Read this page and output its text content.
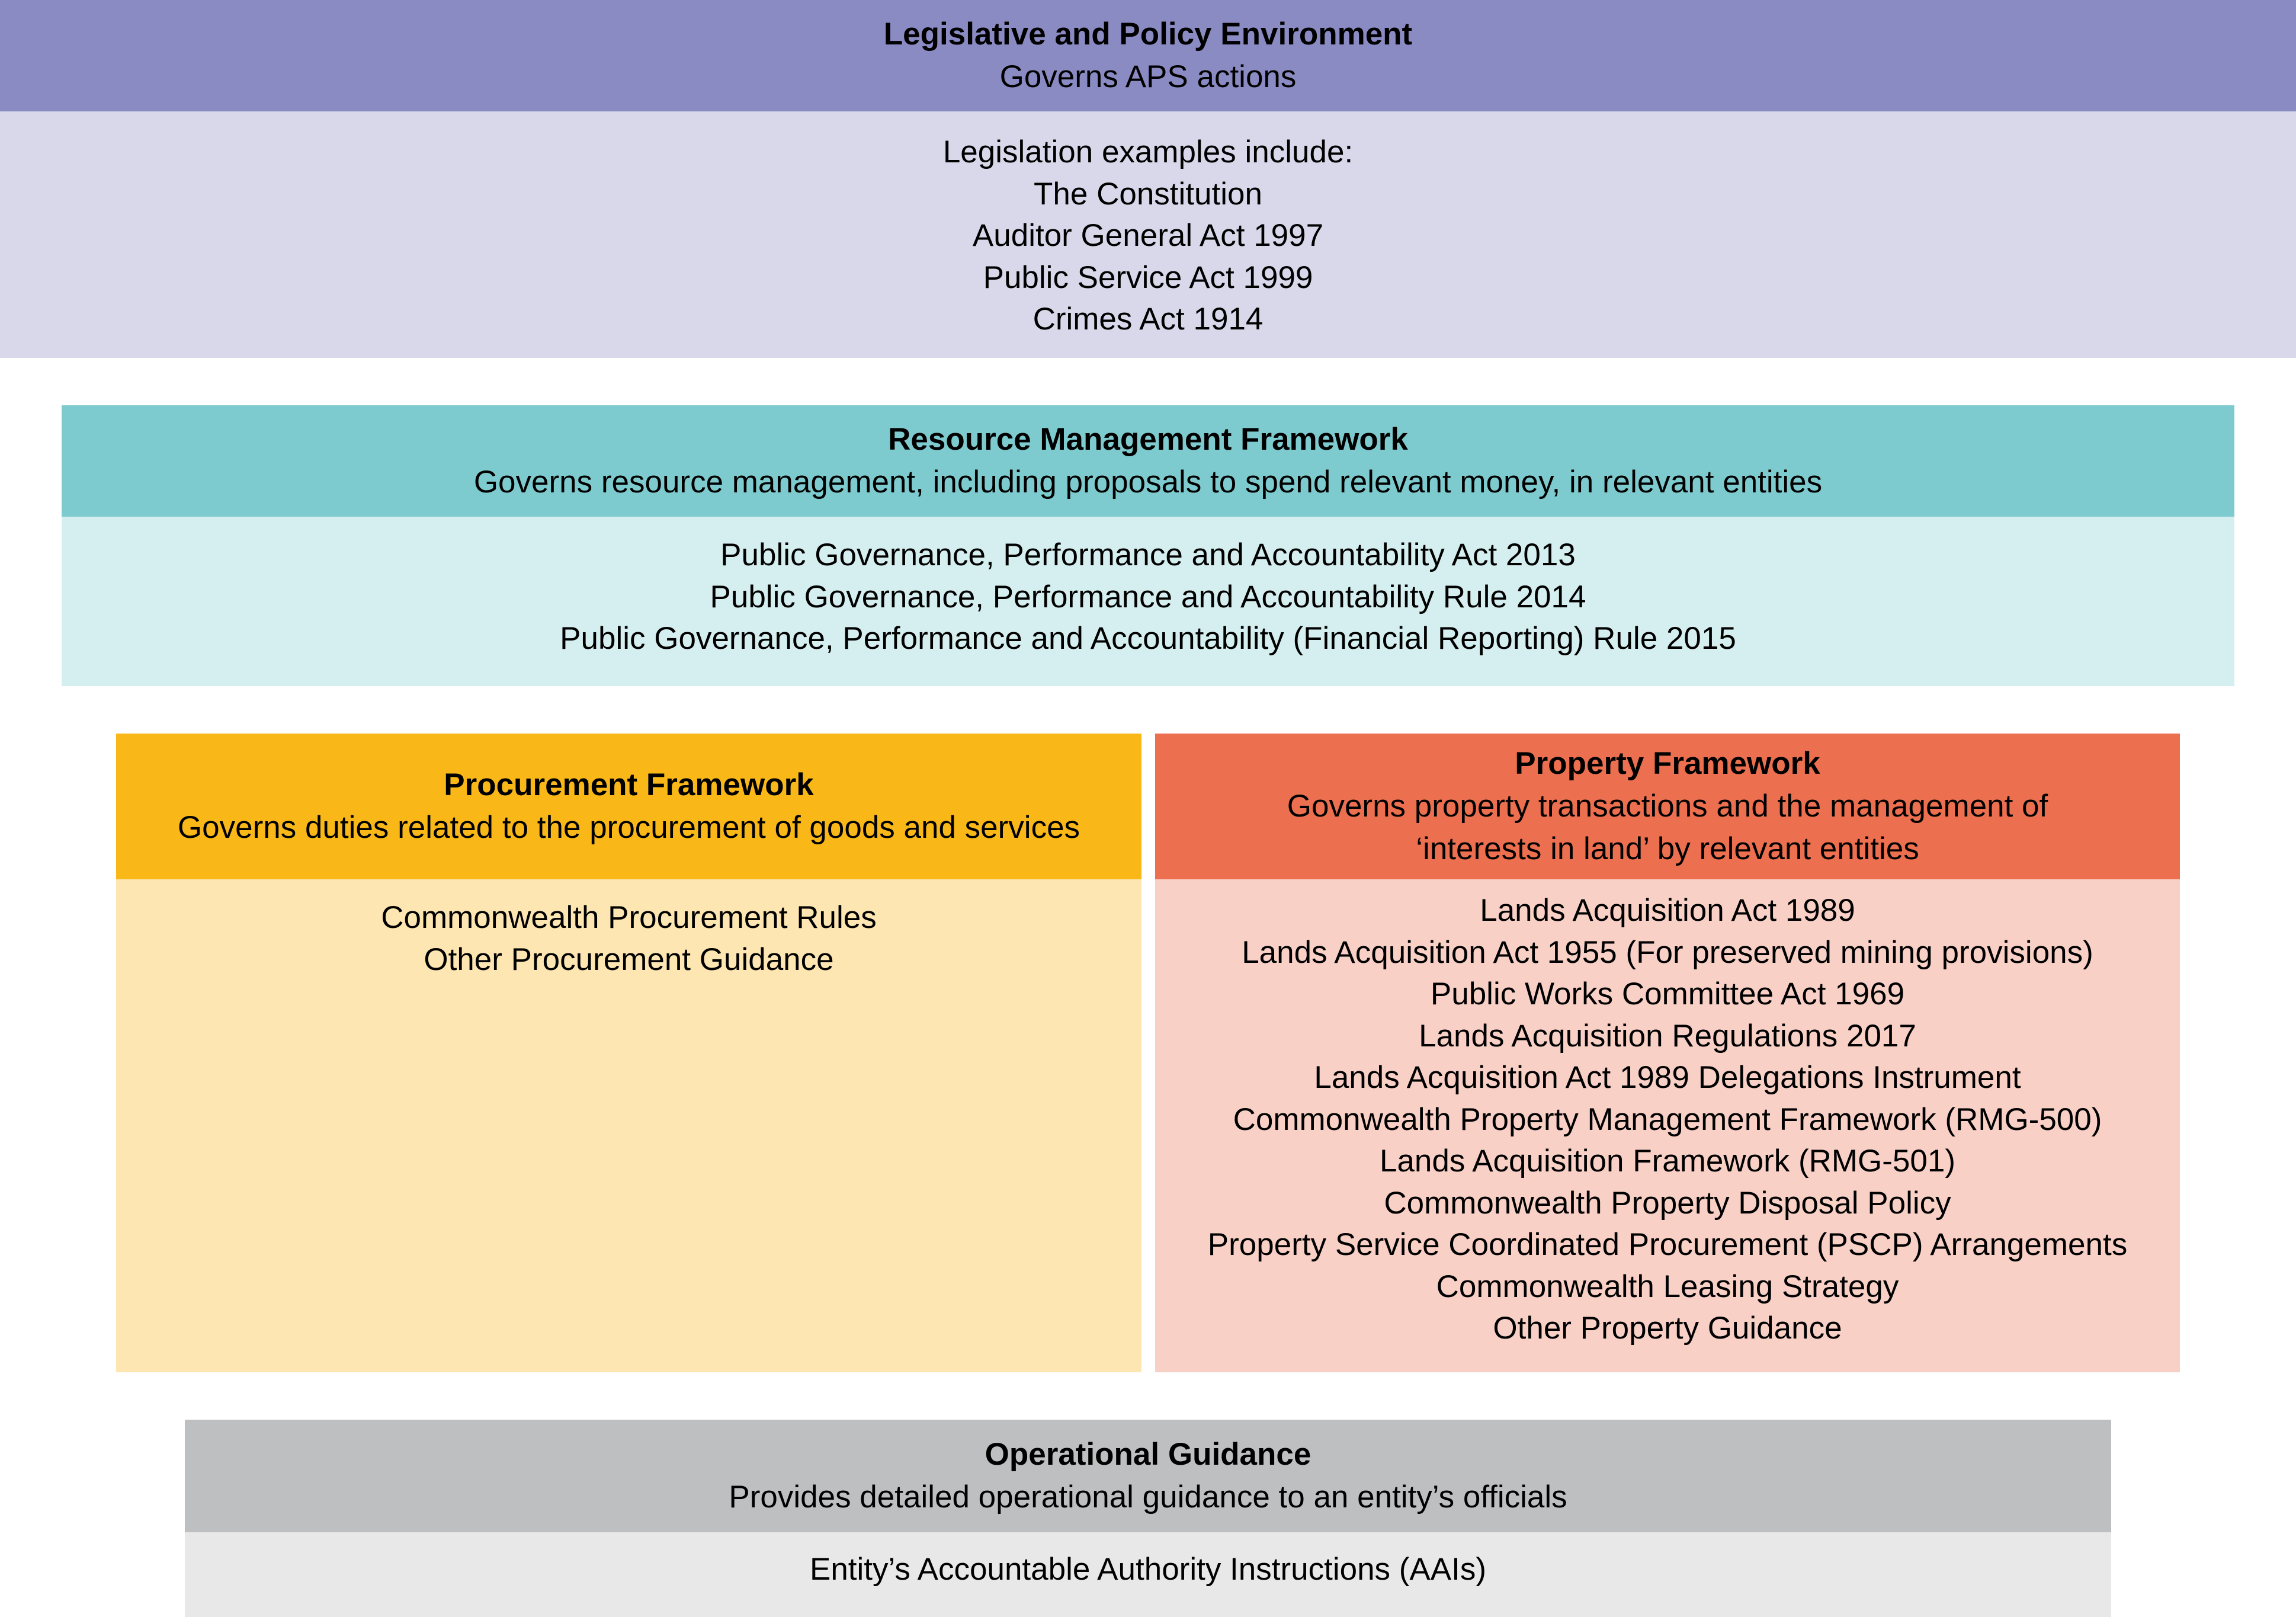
Legislative and Policy Environment
Governs APS actions
Legislation examples include:
The Constitution
Auditor General Act 1997
Public Service Act 1999
Crimes Act 1914
Resource Management Framework
Governs resource management, including proposals to spend relevant money, in relevant entities
Public Governance, Performance and Accountability Act 2013
Public Governance, Performance and Accountability Rule 2014
Public Governance, Performance and Accountability (Financial Reporting) Rule 2015
Procurement Framework
Governs duties related to the procurement of goods and services
Commonwealth Procurement Rules
Other Procurement Guidance
Property Framework
Governs property transactions and the management of
‘interests in land’ by relevant entities
Lands Acquisition Act 1989
Lands Acquisition Act 1955 (For preserved mining provisions)
Public Works Committee Act 1969
Lands Acquisition Regulations 2017
Lands Acquisition Act 1989 Delegations Instrument
Commonwealth Property Management Framework (RMG-500)
Lands Acquisition Framework (RMG-501)
Commonwealth Property Disposal Policy
Property Service Coordinated Procurement (PSCP) Arrangements
Commonwealth Leasing Strategy
Other Property Guidance
Operational Guidance
Provides detailed operational guidance to an entity’s officials
Entity’s Accountable Authority Instructions (AAIs)
